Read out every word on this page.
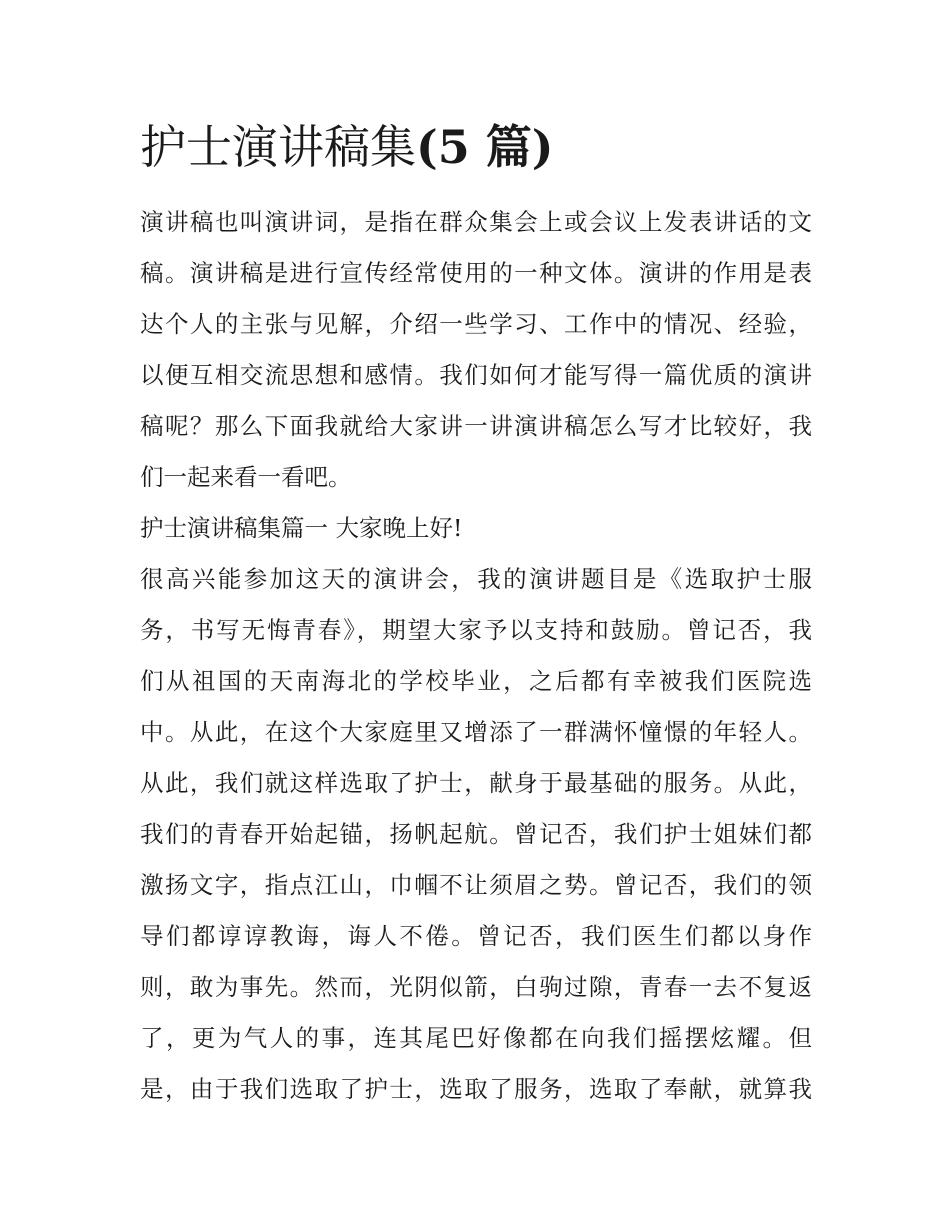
护士演讲稿集(5 篇)
演讲稿也叫演讲词，是指在群众集会上或会议上发表讲话的文
稿。演讲稿是进行宣传经常使用的一种文体。演讲的作用是表
达个人的主张与见解，介绍一些学习、工作中的情况、经验，
以便互相交流思想和感情。我们如何才能写得一篇优质的演讲
稿呢？那么下面我就给大家讲一讲演讲稿怎么写才比较好，我
们一起来看一看吧。
护士演讲稿集篇一 大家晚上好!
很高兴能参加这天的演讲会，我的演讲题目是《选取护士服
务，书写无悔青春》，期望大家予以支持和鼓励。曾记否，我
们从祖国的天南海北的学校毕业，之后都有幸被我们医院选
中。从此，在这个大家庭里又增添了一群满怀憧憬的年轻人。
从此，我们就这样选取了护士，献身于最基础的服务。从此，
我们的青春开始起锚，扬帆起航。曾记否，我们护士姐妹们都
激扬文字，指点江山，巾帼不让须眉之势。曾记否，我们的领
导们都谆谆教诲，诲人不倦。曾记否，我们医生们都以身作
则，敢为事先。然而，光阴似箭，白驹过隙，青春一去不复返
了，更为气人的事，连其尾巴好像都在向我们摇摆炫耀。但
是，由于我们选取了护士，选取了服务，选取了奉献，就算我
